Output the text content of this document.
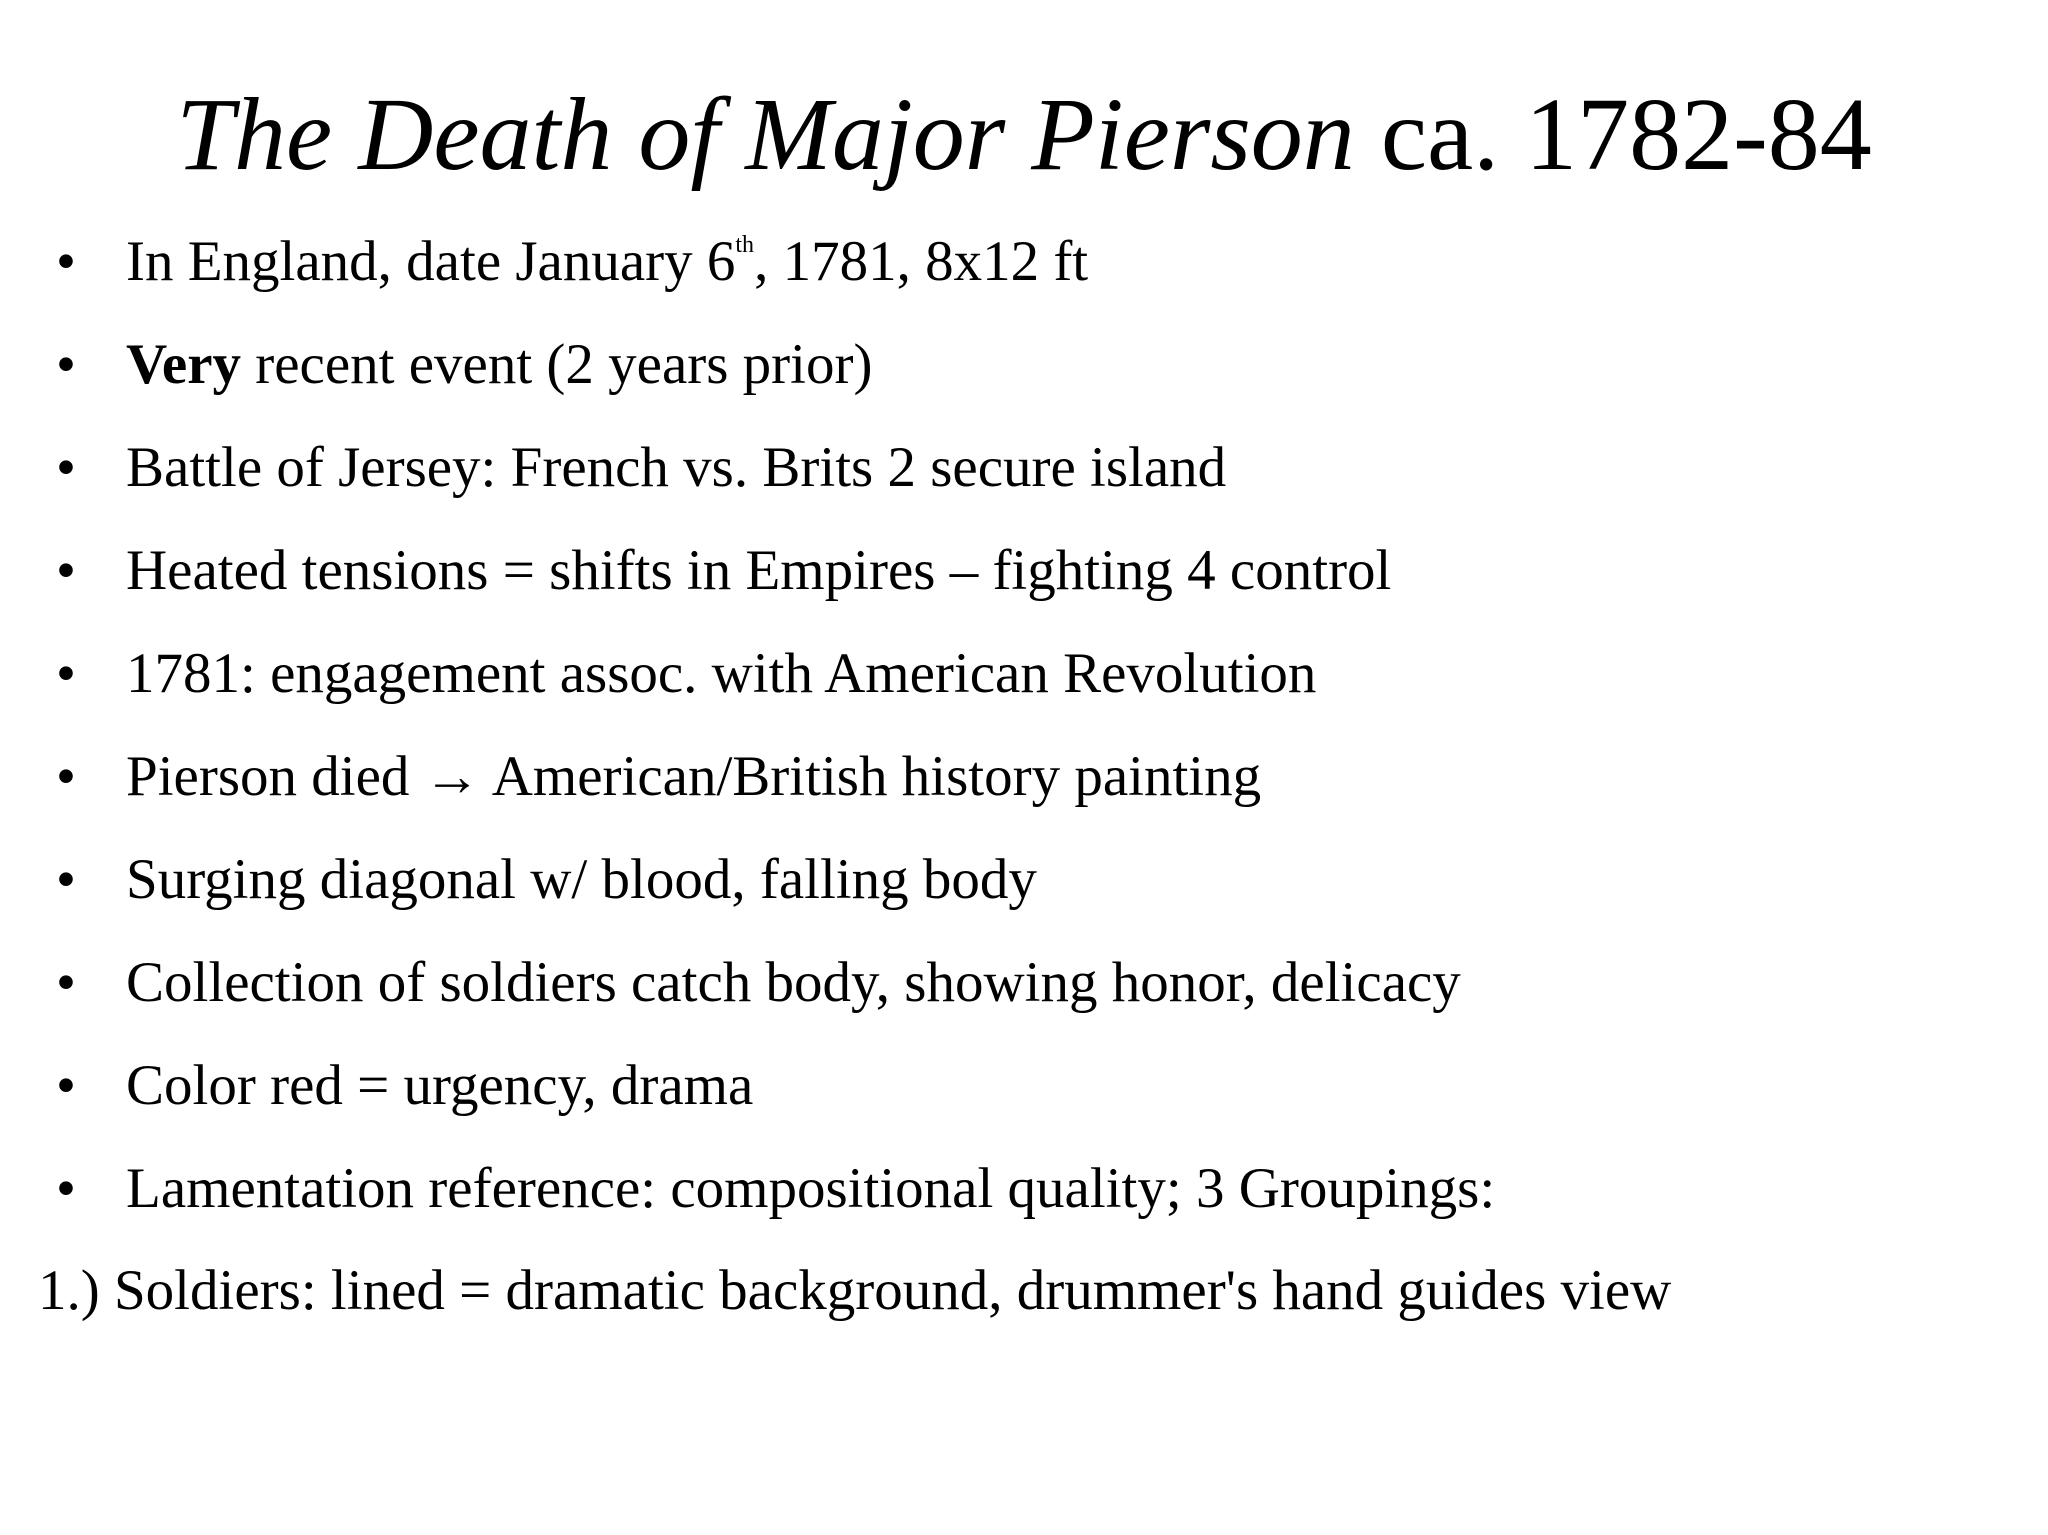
The Death of Major Pierson ca. 1782-84
• In England, date January 6th, 1781, 8x12 ft
• Very recent event (2 years prior)
• Battle of Jersey: French vs. Brits 2 secure island
• Heated tensions = shifts in Empires – fighting 4 control
• 1781: engagement assoc. with American Revolution
• Pierson died → American/British history painting
• Surging diagonal w/ blood, falling body
• Collection of soldiers catch body, showing honor, delicacy
• Color red = urgency, drama
• Lamentation reference: compositional quality; 3 Groupings:
1.) Soldiers: lined = dramatic background, drummer's hand guides view
